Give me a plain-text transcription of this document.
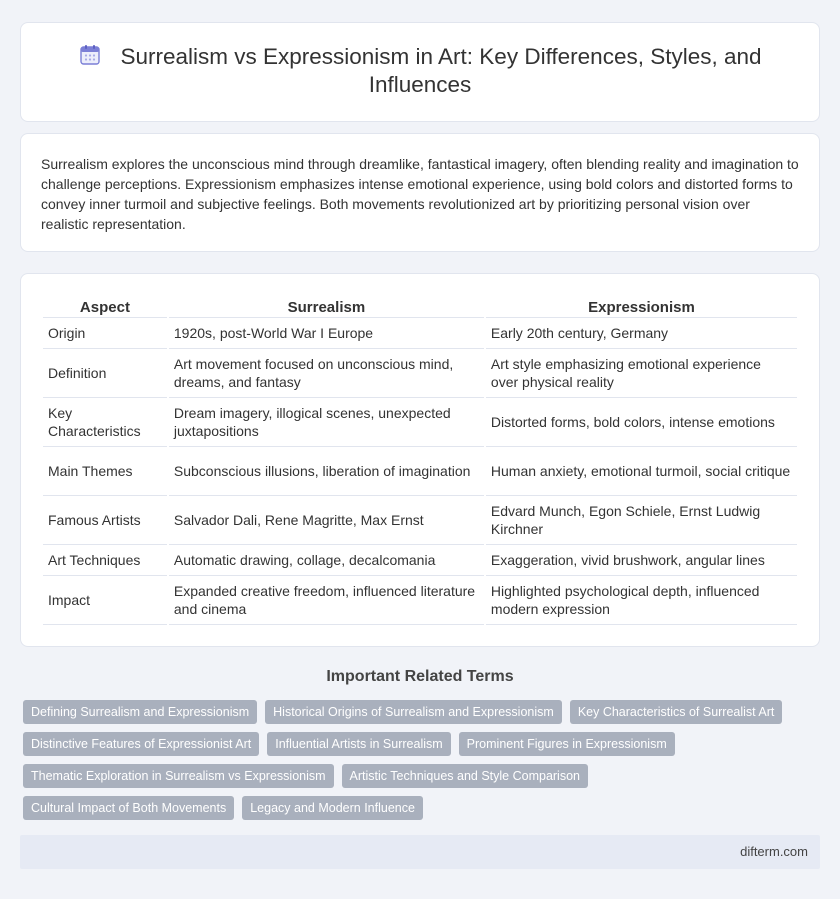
Surrealism vs Expressionism in Art: Key Differences, Styles, and Influences

Surrealism explores the unconscious mind through dreamlike, fantastical imagery, often blending reality and imagination to challenge perceptions. Expressionism emphasizes intense emotional experience, using bold colors and distorted forms to convey inner turmoil and subjective feelings. Both movements revolutionized art by prioritizing personal vision over realistic representation.

Aspect	Surrealism	Expressionism
Origin	1920s, post-World War I Europe	Early 20th century, Germany
Definition	Art movement focused on unconscious mind, dreams, and fantasy	Art style emphasizing emotional experience over physical reality
Key Characteristics	Dream imagery, illogical scenes, unexpected juxtapositions	Distorted forms, bold colors, intense emotions
Main Themes	Subconscious illusions, liberation of imagination	Human anxiety, emotional turmoil, social critique
Famous Artists	Salvador Dali, Rene Magritte, Max Ernst	Edvard Munch, Egon Schiele, Ernst Ludwig Kirchner
Art Techniques	Automatic drawing, collage, decalcomania	Exaggeration, vivid brushwork, angular lines
Impact	Expanded creative freedom, influenced literature and cinema	Highlighted psychological depth, influenced modern expression
Important Related Terms
Defining Surrealism and Expressionism	Historical Origins of Surrealism and Expressionism	Key Characteristics of Surrealist Art
Distinctive Features of Expressionist Art	Influential Artists in Surrealism	Prominent Figures in Expressionism
Thematic Exploration in Surrealism vs Expressionism	Artistic Techniques and Style Comparison
Cultural Impact of Both Movements	Legacy and Modern Influence
difterm.com
